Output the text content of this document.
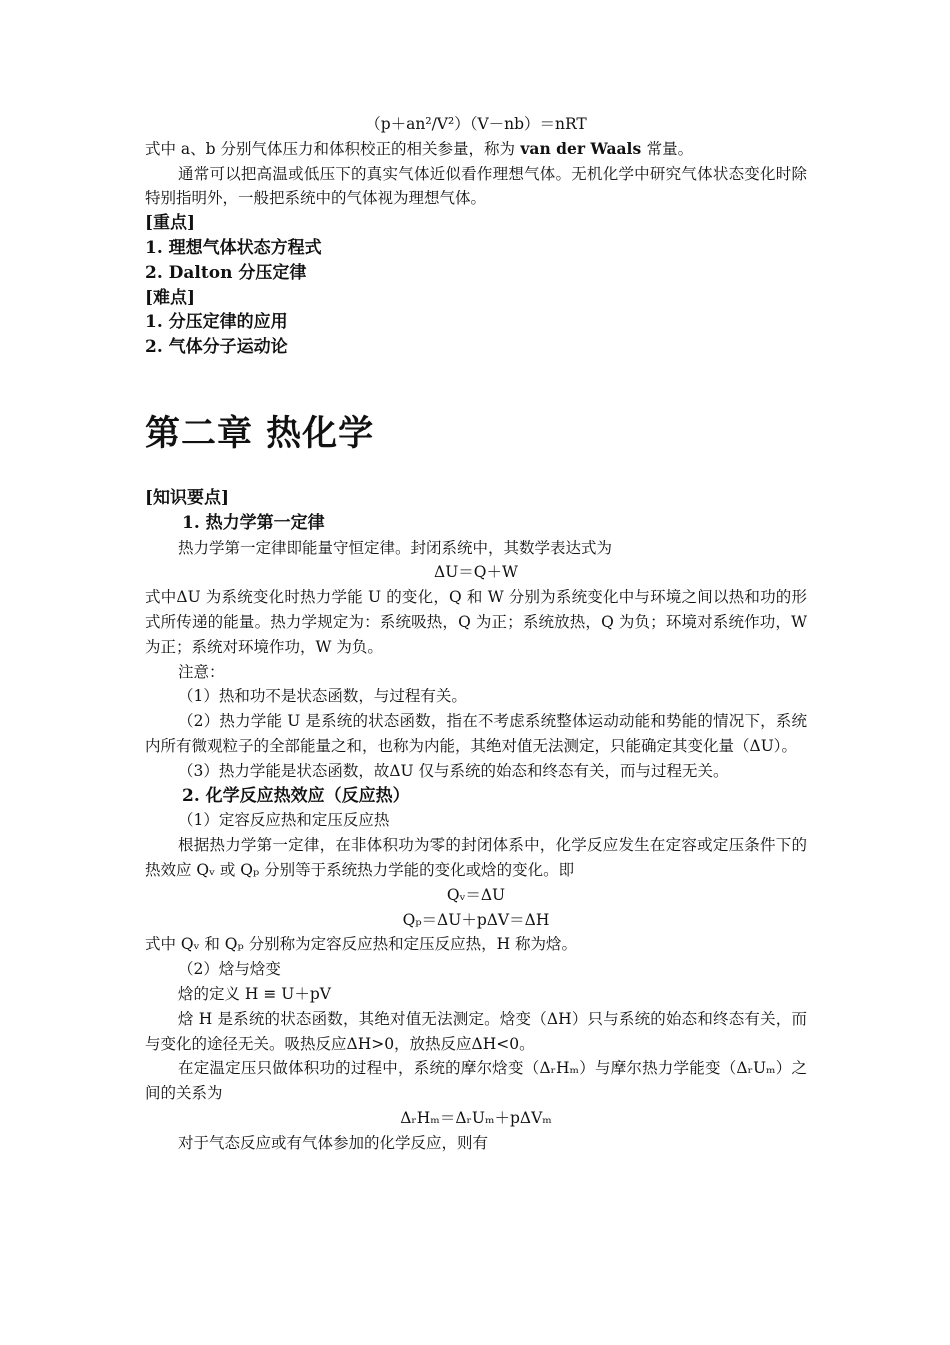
（p＋an²/V²）（V－nb）＝nRT
式中 a、b 分别气体压力和体积校正的相关参量，称为 van der Waals 常量。
通常可以把高温或低压下的真实气体近似看作理想气体。无机化学中研究气体状态变化时除特别指明外，一般把系统中的气体视为理想气体。
[重点]
1. 理想气体状态方程式
2. Dalton 分压定律
[难点]
1. 分压定律的应用
2. 气体分子运动论
第二章 热化学
[知识要点]
1. 热力学第一定律
热力学第一定律即能量守恒定律。封闭系统中，其数学表达式为
ΔU＝Q＋W
式中ΔU 为系统变化时热力学能 U 的变化，Q 和 W 分别为系统变化中与环境之间以热和功的形式所传递的能量。热力学规定为：系统吸热，Q 为正；系统放热，Q 为负；环境对系统作功，W 为正；系统对环境作功，W 为负。
注意：
（1）热和功不是状态函数，与过程有关。
（2）热力学能 U 是系统的状态函数，指在不考虑系统整体运动动能和势能的情况下，系统内所有微观粒子的全部能量之和，也称为内能，其绝对值无法测定，只能确定其变化量（ΔU）。
（3）热力学能是状态函数，故ΔU 仅与系统的始态和终态有关，而与过程无关。
2. 化学反应热效应（反应热）
（1）定容反应热和定压反应热
根据热力学第一定律，在非体积功为零的封闭体系中，化学反应发生在定容或定压条件下的热效应 Qᵥ 或 Qₚ 分别等于系统热力学能的变化或焓的变化。即
Qᵥ＝ΔU
Qₚ＝ΔU＋pΔV＝ΔH
式中 Qᵥ 和 Qₚ 分别称为定容反应热和定压反应热，H 称为焓。
（2）焓与焓变
焓的定义 H ≡ U＋pV
焓 H 是系统的状态函数，其绝对值无法测定。焓变（ΔH）只与系统的始态和终态有关，而与变化的途径无关。吸热反应ΔH>0，放热反应ΔH<0。
在定温定压只做体积功的过程中，系统的摩尔焓变（ΔᵣHₘ）与摩尔热力学能变（ΔᵣUₘ）之间的关系为
ΔᵣHₘ＝ΔᵣUₘ＋pΔVₘ
对于气态反应或有气体参加的化学反应，则有
